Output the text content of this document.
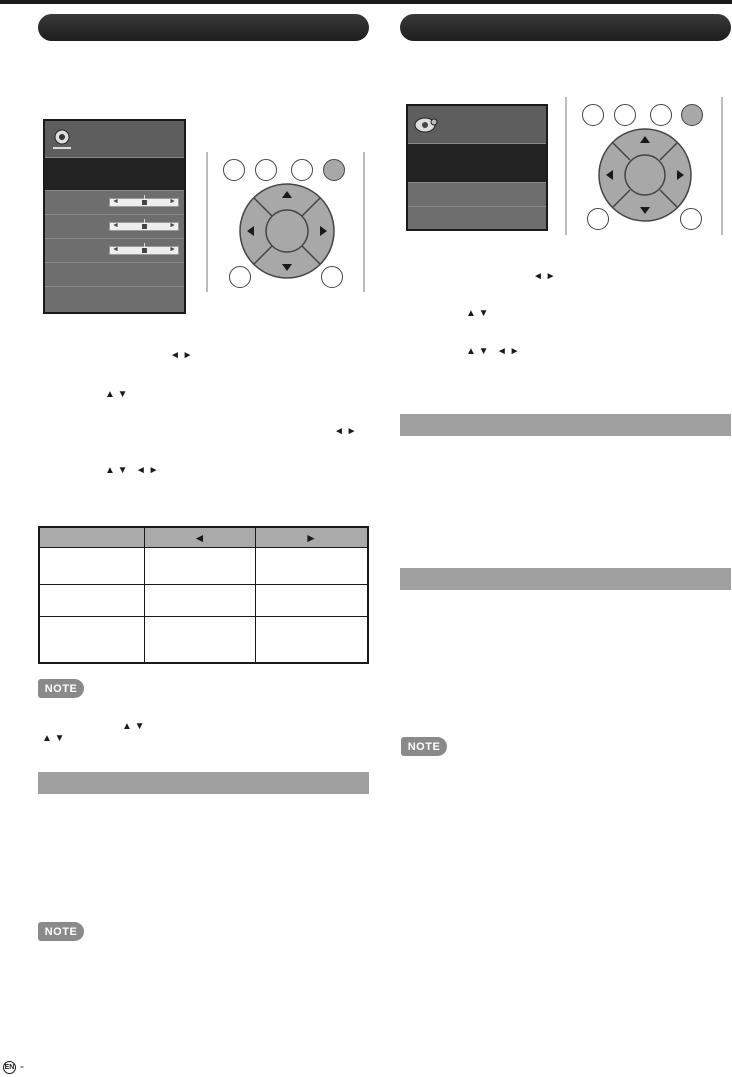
◄	►
◄	►
◄	►
◄ ►
▲ ▼
◄ ►
▲ ▼   ◄ ►
◄ ►
▲ ▼
▲ ▼   ◄ ►
◄	►
NOTE
▲ ▼
▲ ▼
NOTE
NOTE
EN -
